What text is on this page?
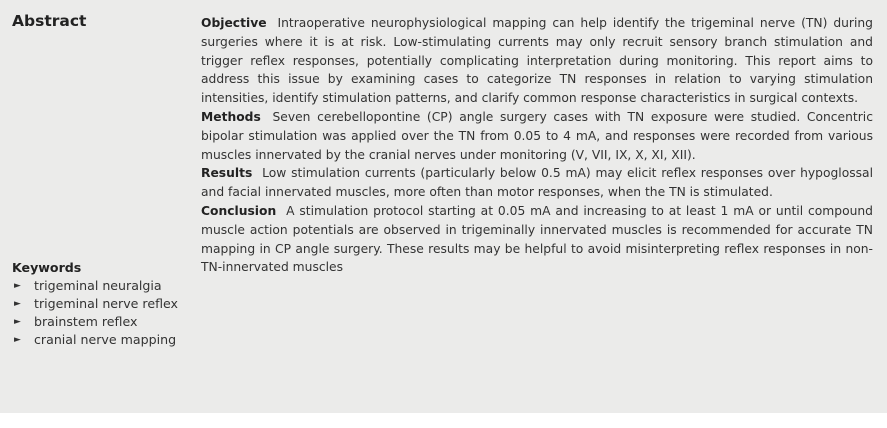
Abstract
Keywords
► trigeminal neuralgia
► trigeminal nerve reflex
► brainstem reflex
► cranial nerve mapping

Objective Intraoperative neurophysiological mapping can help identify the trigeminal nerve (TN) during surgeries where it is at risk. Low-stimulating currents may only recruit sensory branch stimulation and trigger reflex responses, potentially complicating interpretation during monitoring. This report aims to address this issue by examining cases to categorize TN responses in relation to varying stimulation intensities, identify stimulation patterns, and clarify common response characteristics in surgical contexts.

Methods Seven cerebellopontine (CP) angle surgery cases with TN exposure were studied. Concentric bipolar stimulation was applied over the TN from 0.05 to 4 mA, and responses were recorded from various muscles innervated by the cranial nerves under monitoring (V, VII, IX, X, XI, XII).

Results Low stimulation currents (particularly below 0.5 mA) may elicit reflex responses over hypoglossal and facial innervated muscles, more often than motor responses, when the TN is stimulated.

Conclusion A stimulation protocol starting at 0.05 mA and increasing to at least 1 mA or until compound muscle action potentials are observed in trigeminally innervated muscles is recommended for accurate TN mapping in CP angle surgery. These results may be helpful to avoid misinterpreting reflex responses in non-TN-innervated muscles
